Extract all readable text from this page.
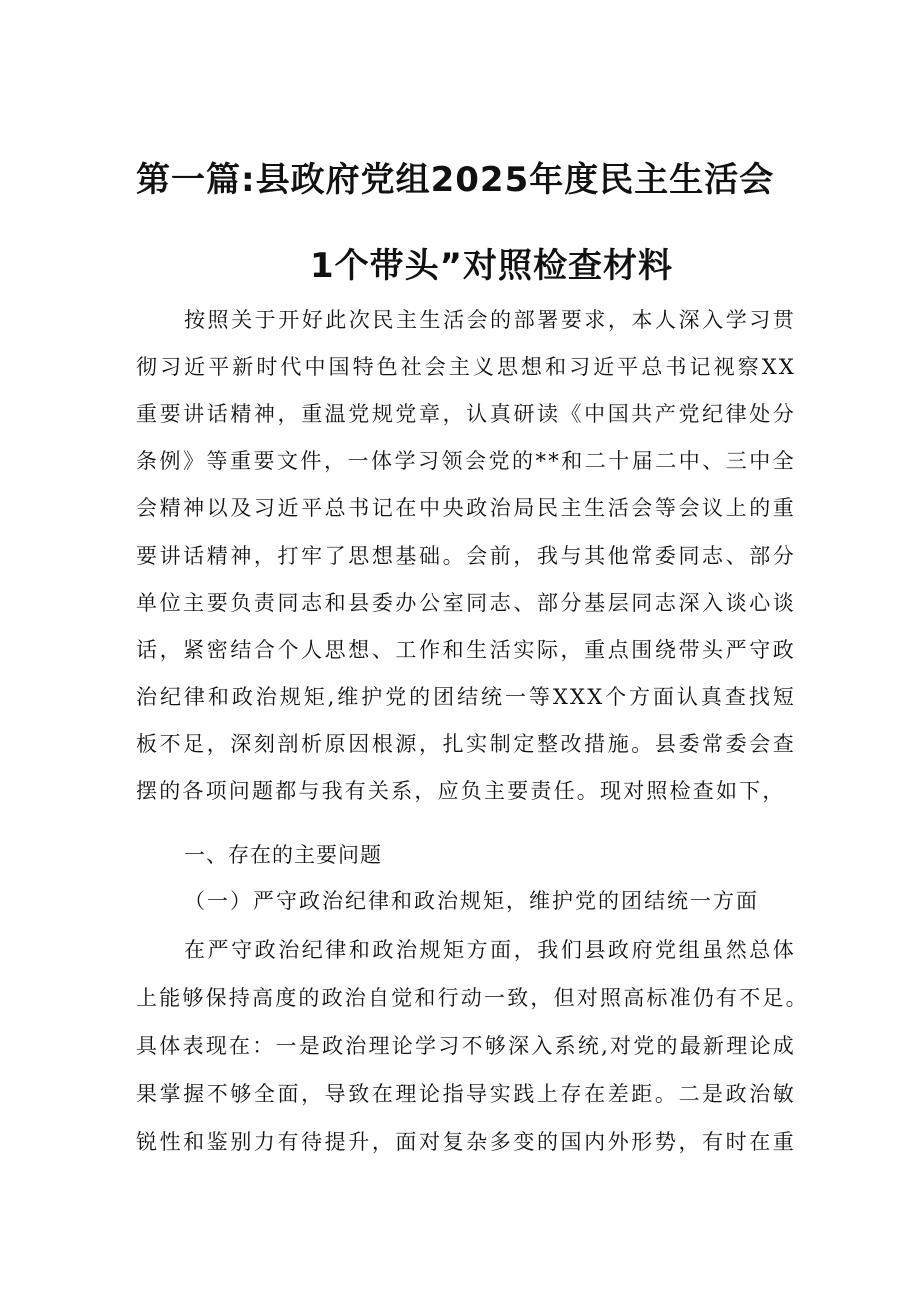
第一篇:县政府党组2025年度民主生活会
1个带头”对照检查材料
按照关于开好此次民主生活会的部署要求，本人深入学习贯
彻习近平新时代中国特色社会主义思想和习近平总书记视察XX
重要讲话精神，重温党规党章，认真研读《中国共产党纪律处分
条例》等重要文件，一体学习领会党的**和二十届二中、三中全
会精神以及习近平总书记在中央政治局民主生活会等会议上的重
要讲话精神，打牢了思想基础。会前，我与其他常委同志、部分
单位主要负责同志和县委办公室同志、部分基层同志深入谈心谈
话，紧密结合个人思想、工作和生活实际，重点围绕带头严守政
治纪律和政治规矩,维护党的团结统一等XXX个方面认真查找短
板不足，深刻剖析原因根源，扎实制定整改措施。县委常委会查
摆的各项问题都与我有关系，应负主要责任。现对照检查如下，
一、存在的主要问题
（一）严守政治纪律和政治规矩，维护党的团结统一方面
在严守政治纪律和政治规矩方面，我们县政府党组虽然总体
上能够保持高度的政治自觉和行动一致，但对照高标准仍有不足。
具体表现在：一是政治理论学习不够深入系统,对党的最新理论成
果掌握不够全面，导致在理论指导实践上存在差距。二是政治敏
锐性和鉴别力有待提升，面对复杂多变的国内外形势，有时在重
